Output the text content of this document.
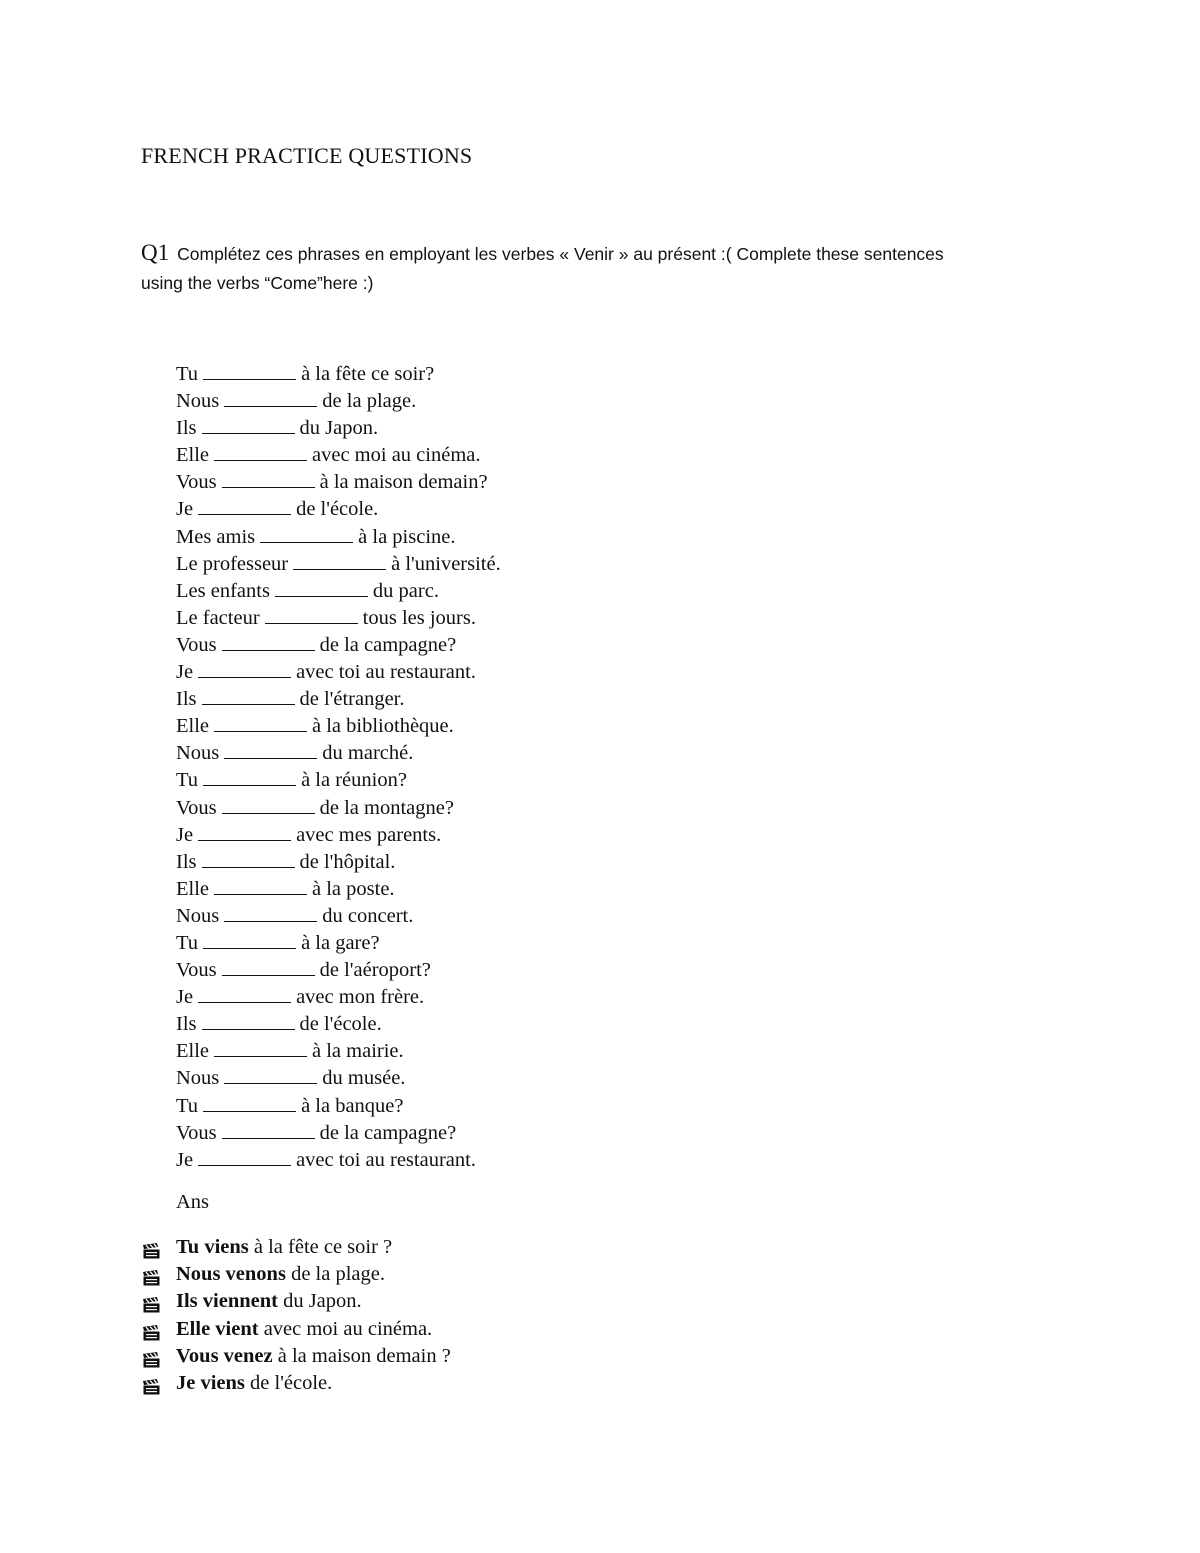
FRENCH PRACTICE QUESTIONS
Q1 Complétez ces phrases en employant les verbes « Venir » au présent :( Complete these sentences
using the verbs “Come”here :)
Tu	à la fête ce soir?
Nous	de la plage.
Ils	du Japon.
Elle	avec moi au cinéma.
Vous	à la maison demain?
Je	de l'école.
Mes amis	à la piscine.
Le professeur	à l'université.
Les enfants	du parc.
Le facteur	tous les jours.
Vous	de la campagne?
Je	avec toi au restaurant.
Ils	de l'étranger.
Elle	à la bibliothèque.
Nous	du marché.
Tu	à la réunion?
Vous	de la montagne?
Je	avec mes parents.
Ils	de l'hôpital.
Elle	à la poste.
Nous	du concert.
Tu	à la gare?
Vous	de l'aéroport?
Je	avec mon frère.
Ils	de l'école.
Elle	à la mairie.
Nous	du musée.
Tu	à la banque?
Vous	de la campagne?
Je	avec toi au restaurant.
Ans
Tu viens à la fête ce soir ?
Nous venons de la plage.
Ils viennent du Japon.
Elle vient avec moi au cinéma.
Vous venez à la maison demain ?
Je viens de l'école.
